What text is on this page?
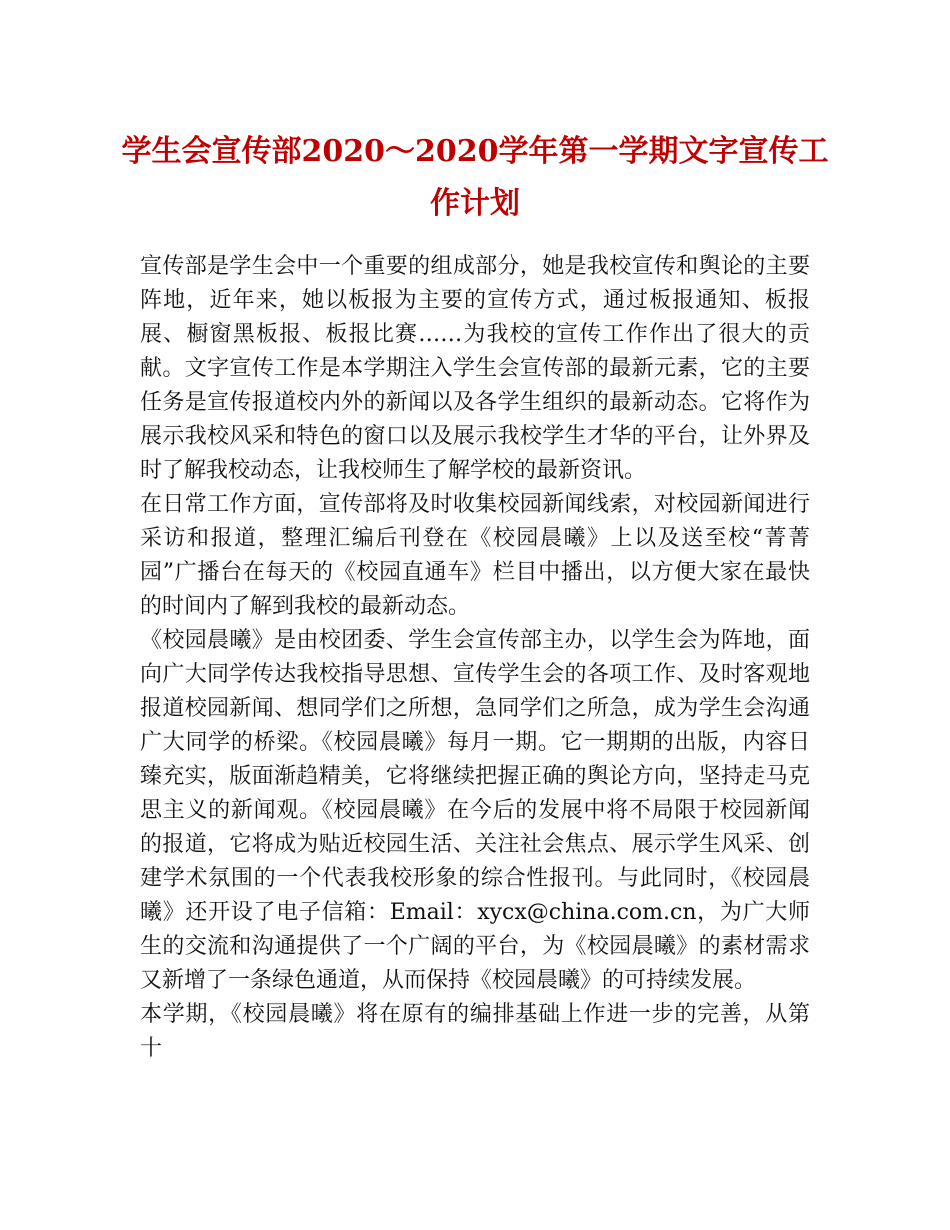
学生会宣传部2020～2020学年第一学期文字宣传工作计划

宣传部是学生会中一个重要的组成部分，她是我校宣传和舆论的主要阵地，近年来，她以板报为主要的宣传方式，通过板报通知、板报展、橱窗黑板报、板报比赛……为我校的宣传工作作出了很大的贡献。文字宣传工作是本学期注入学生会宣传部的最新元素，它的主要任务是宣传报道校内外的新闻以及各学生组织的最新动态。它将作为展示我校风采和特色的窗口以及展示我校学生才华的平台，让外界及时了解我校动态，让我校师生了解学校的最新资讯。

在日常工作方面，宣传部将及时收集校园新闻线索，对校园新闻进行采访和报道，整理汇编后刊登在《校园晨曦》上以及送至校“菁菁园”广播台在每天的《校园直通车》栏目中播出，以方便大家在最快的时间内了解到我校的最新动态。

《校园晨曦》是由校团委、学生会宣传部主办，以学生会为阵地，面向广大同学传达我校指导思想、宣传学生会的各项工作、及时客观地报道校园新闻、想同学们之所想，急同学们之所急，成为学生会沟通广大同学的桥梁。《校园晨曦》每月一期。它一期期的出版，内容日臻充实，版面渐趋精美，它将继续把握正确的舆论方向，坚持走马克思主义的新闻观。《校园晨曦》在今后的发展中将不局限于校园新闻的报道，它将成为贴近校园生活、关注社会焦点、展示学生风采、创建学术氛围的一个代表我校形象的综合性报刊。与此同时，《校园晨曦》还开设了电子信箱：Email：xycx@china.com.cn，为广大师生的交流和沟通提供了一个广阔的平台，为《校园晨曦》的素材需求又新增了一条绿色通道，从而保持《校园晨曦》的可持续发展。

本学期，《校园晨曦》将在原有的编排基础上作进一步的完善，从第十
